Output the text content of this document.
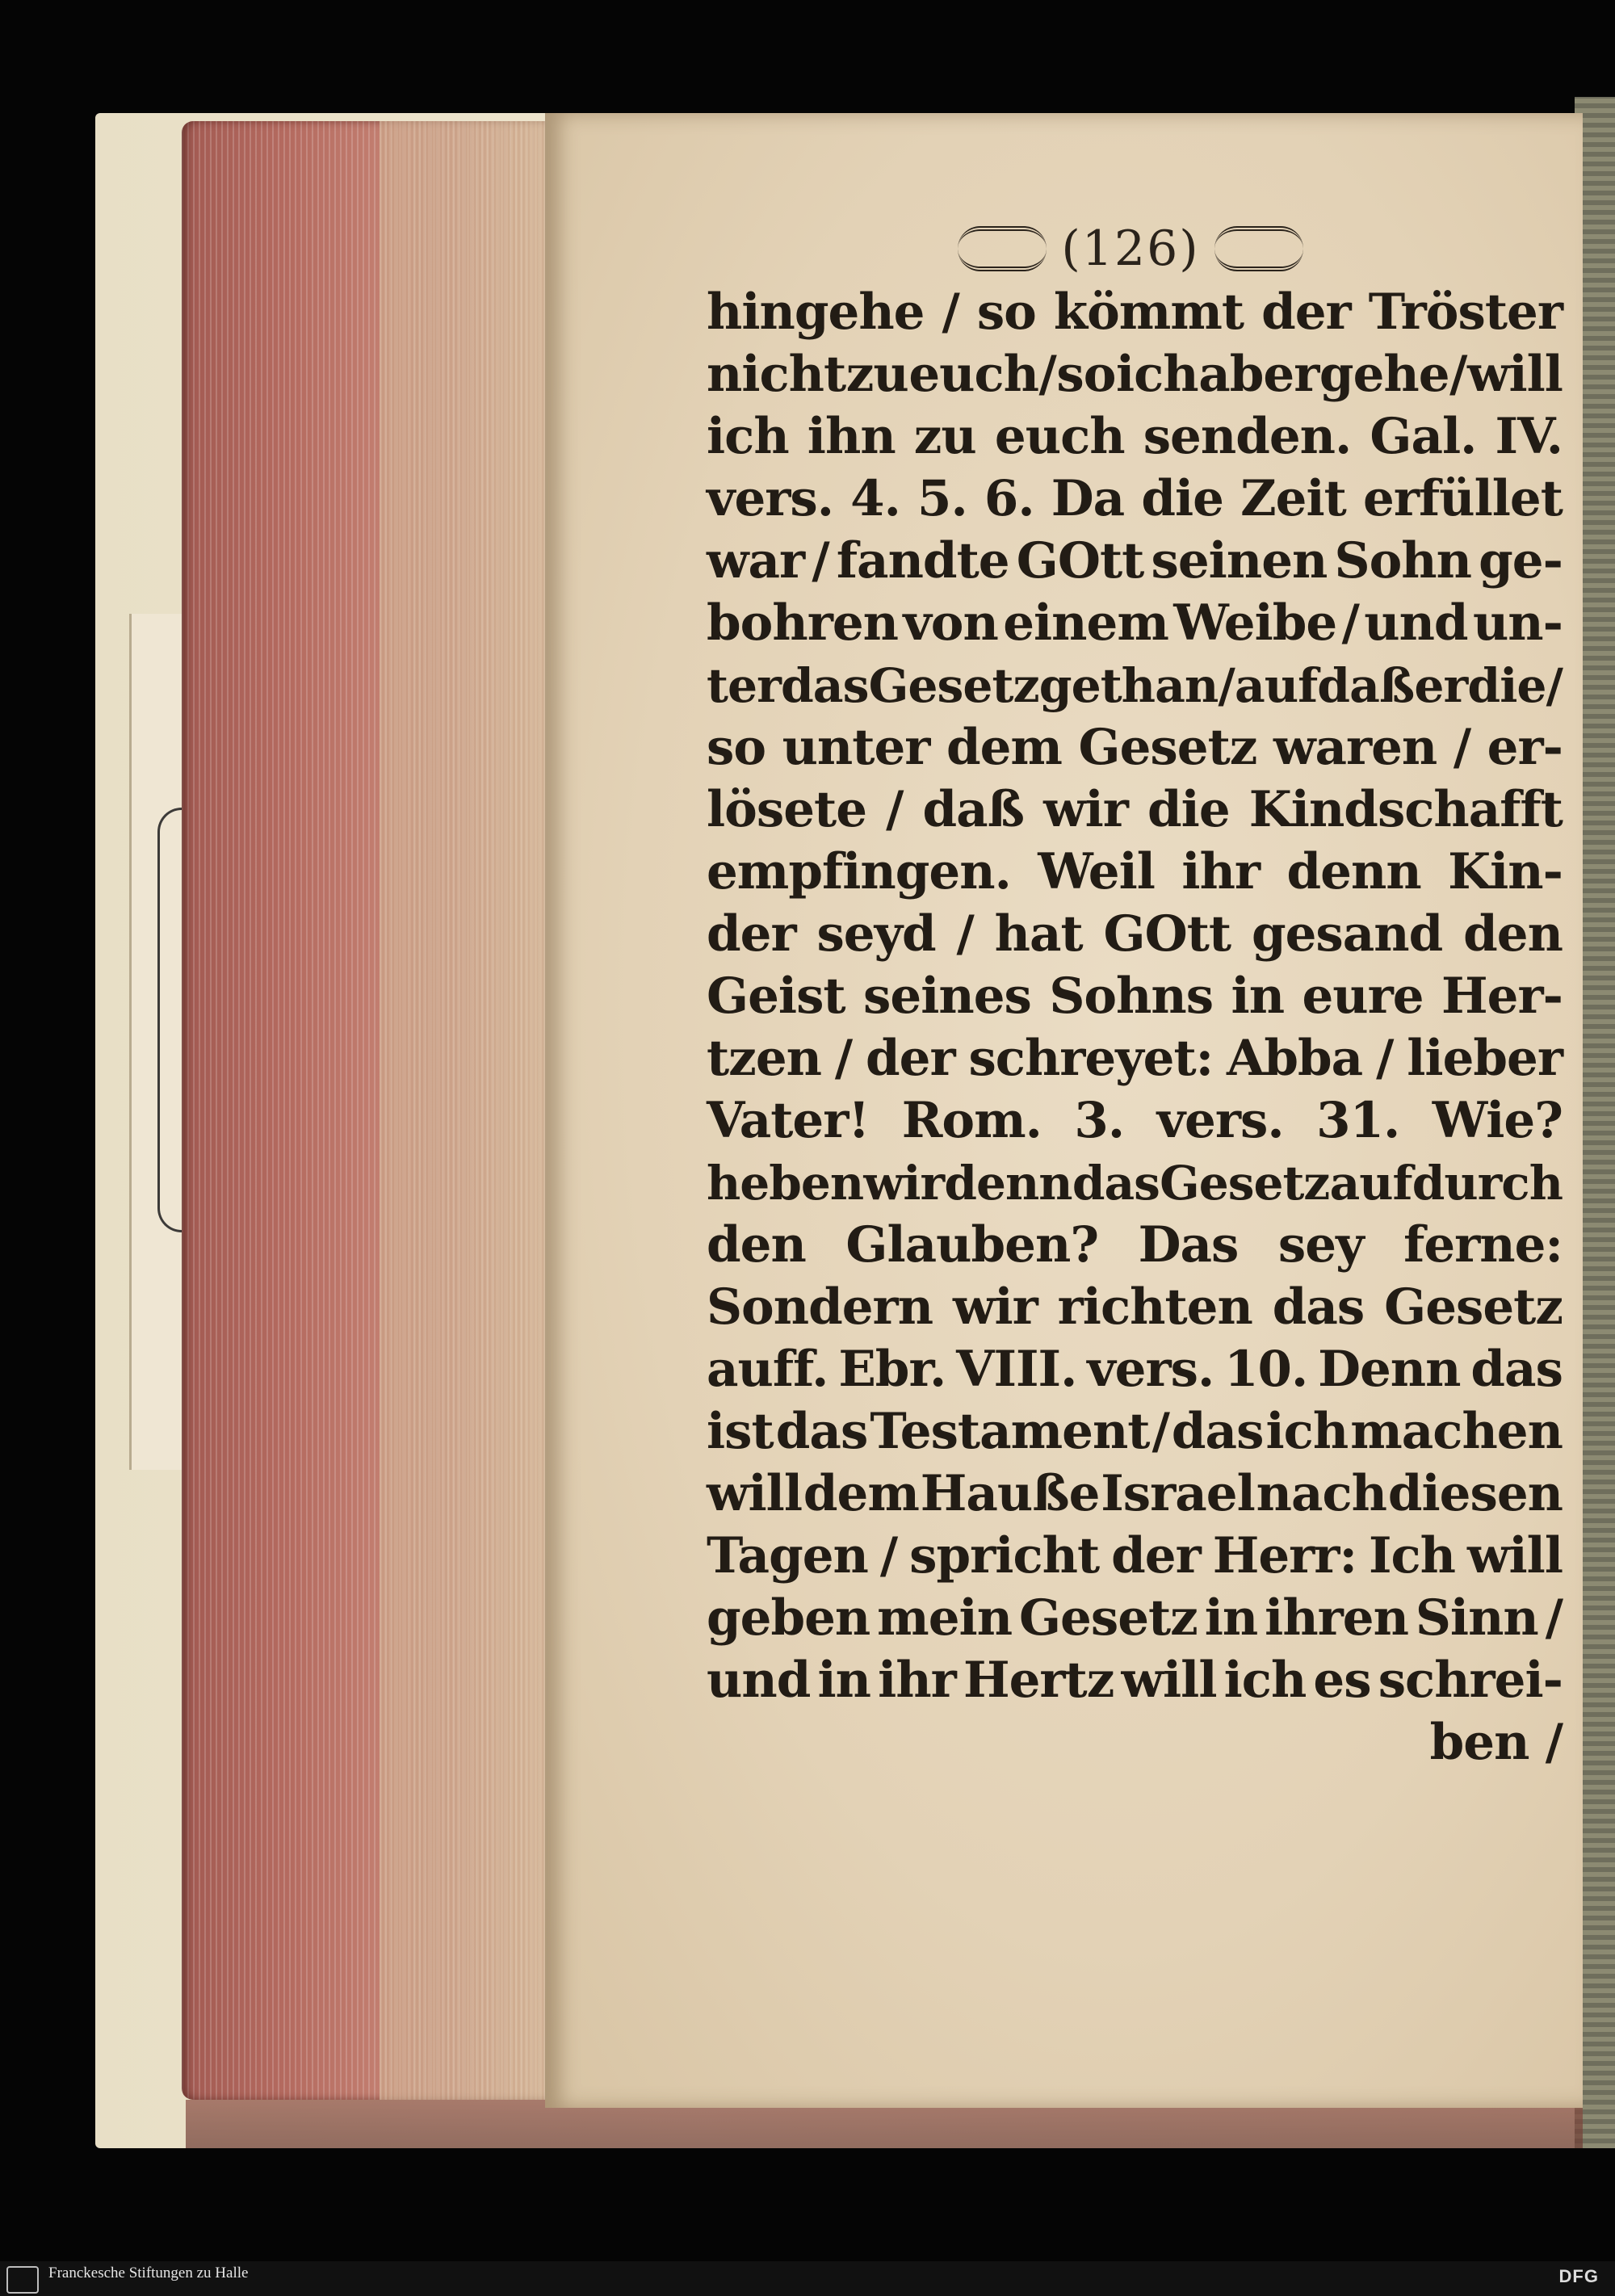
(126)
hingehe / so kömmt der Tröster
nicht zu euch / so ich aber gehe / will
ich ihn zu euch senden. Gal. IV.
vers. 4. 5. 6. Da die Zeit erfüllet
war / fandte GOtt seinen Sohn ge-
bohren von einem Weibe / und un-
ter das Gesetz gethan / aufdaß er die /
so unter dem Gesetz waren / er-
lösete / daß wir die Kindschafft
empfingen. Weil ihr denn Kin-
der seyd / hat GOtt gesand den
Geist seines Sohns in eure Her-
tzen / der schreyet: Abba / lieber
Vater! Rom. 3. vers. 31. Wie?
heben wir denn das Gesetz auf durch
den Glauben? Das sey ferne:
Sondern wir richten das Gesetz
auff. Ebr. VIII. vers. 10. Denn das
ist das Testament / das ich machen
will dem Haußе Israel nach diesen
Tagen / spricht der Herr: Ich will
geben mein Gesetz in ihren Sinn /
und in ihr Hertz will ich es schrei-
ben /
Franckesche Stiftungen zu Halle	DFG
